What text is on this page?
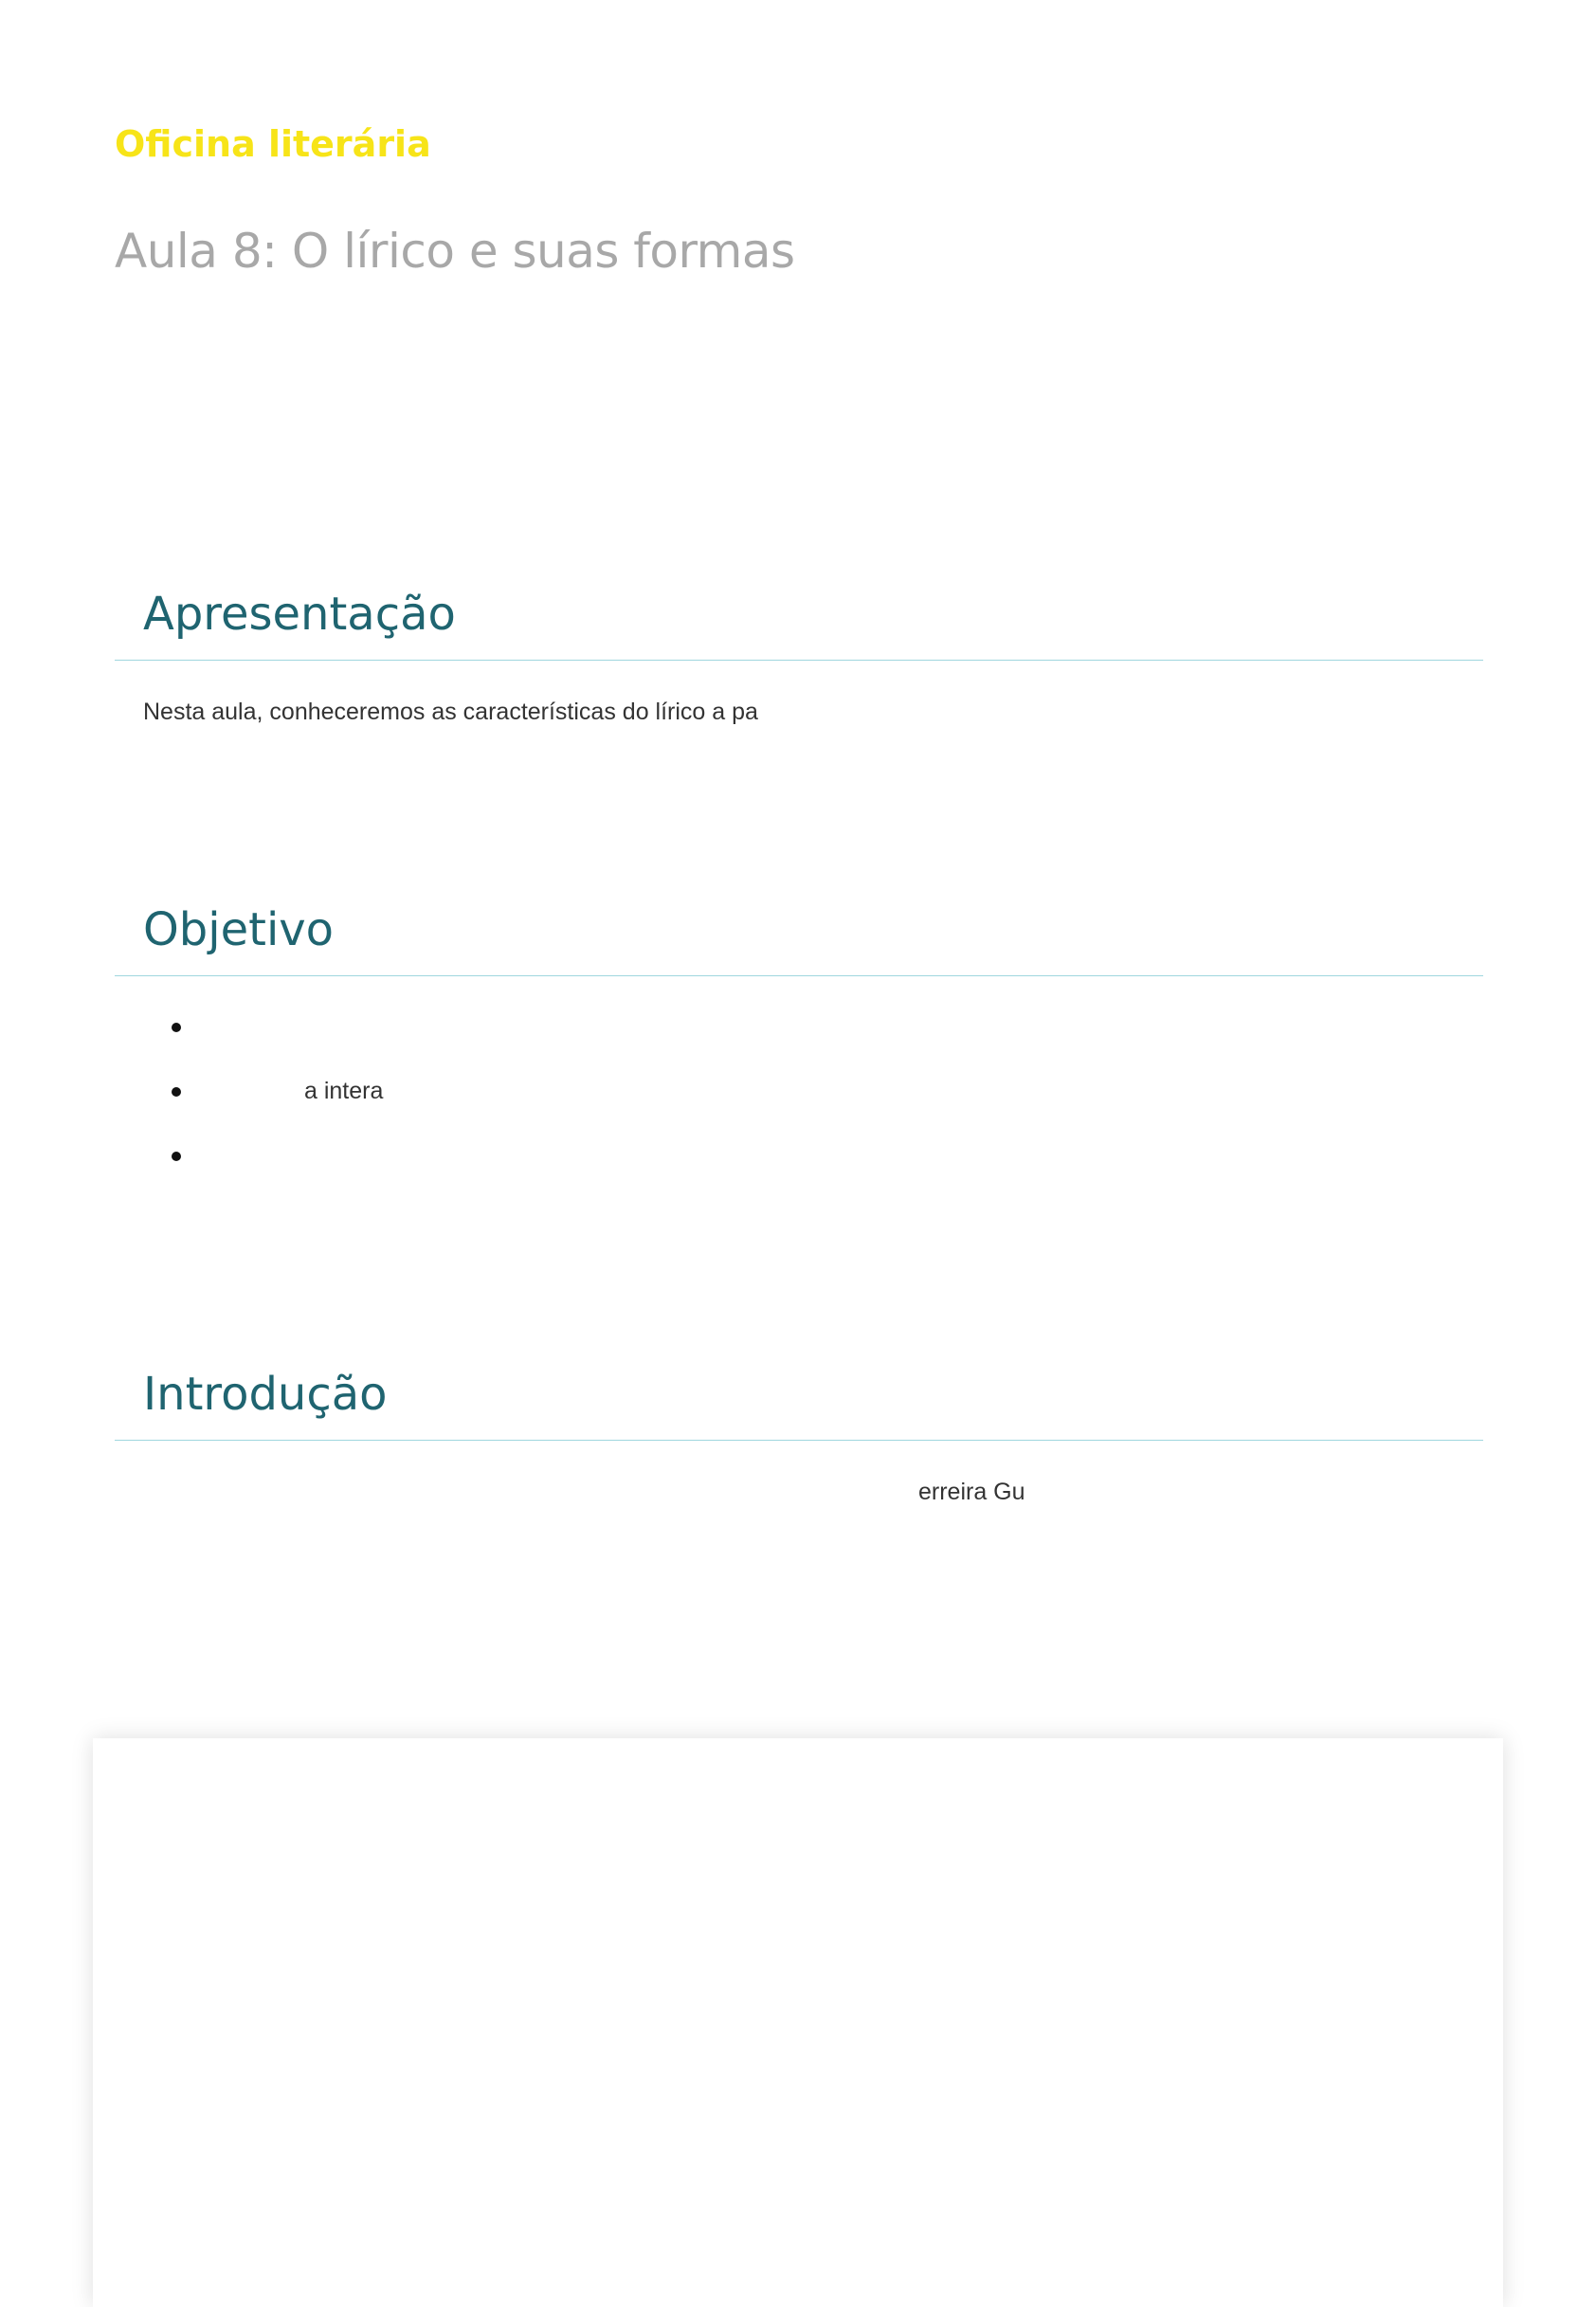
Oficina literária
Aula 8: O lírico e suas formas
Apresentação

Nesta aula, conheceremos as características do lírico a pa

Objetivo
a intera
Introdução

erreira Gu
